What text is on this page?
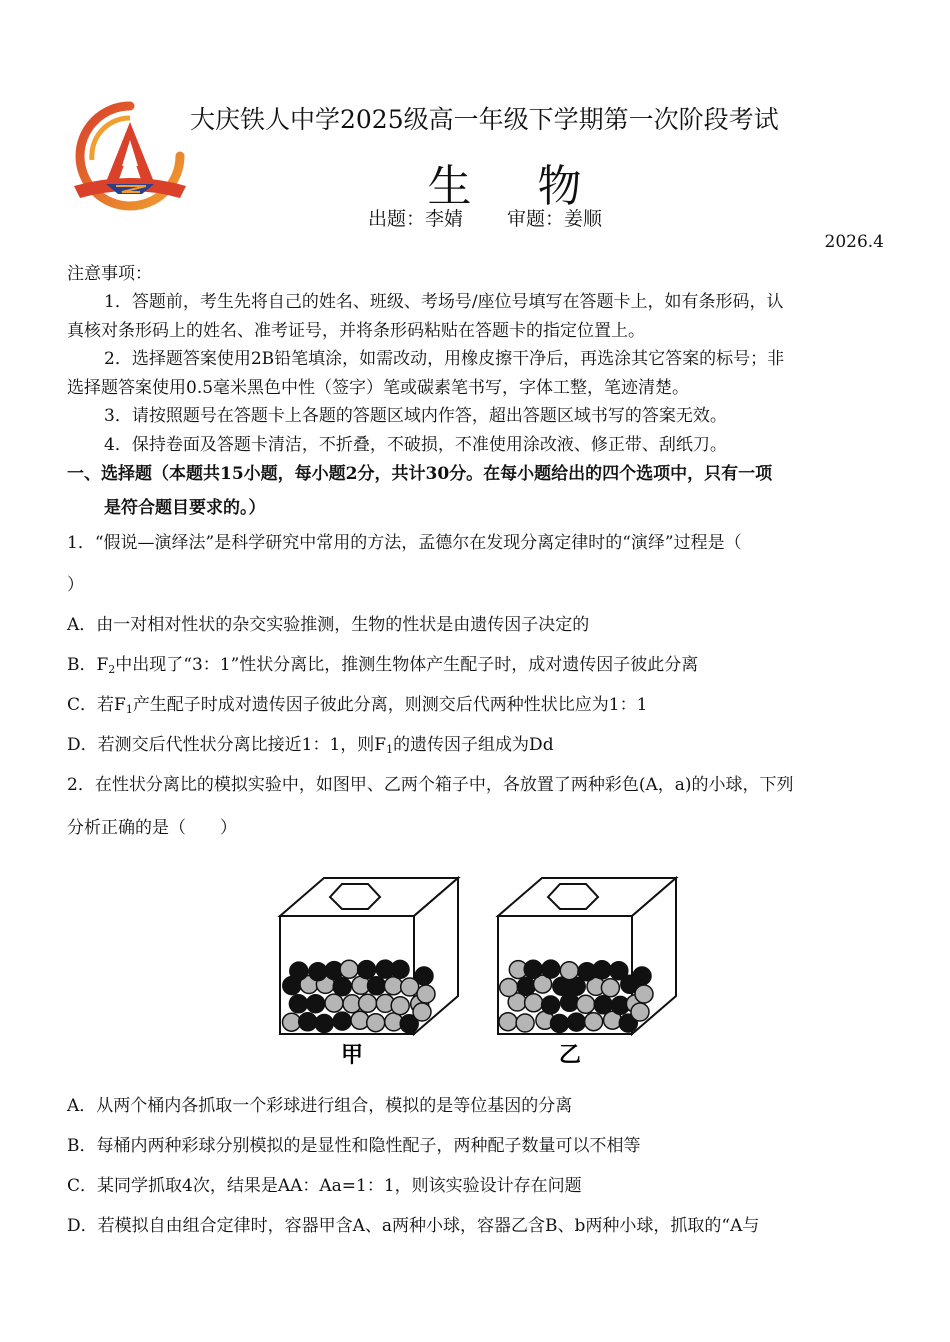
大庆铁人中学2025级高一年级下学期第一次阶段考试
生 物
出题：李婧 审题：姜顺
2026.4
注意事项：
1．答题前，考生先将自己的姓名、班级、考场号/座位号填写在答题卡上，如有条形码，认
真核对条形码上的姓名、准考证号，并将条形码粘贴在答题卡的指定位置上。
2．选择题答案使用2B铅笔填涂，如需改动，用橡皮擦干净后，再选涂其它答案的标号；非
选择题答案使用0.5毫米黑色中性（签字）笔或碳素笔书写，字体工整，笔迹清楚。
3．请按照题号在答题卡上各题的答题区域内作答，超出答题区域书写的答案无效。
4．保持卷面及答题卡清洁，不折叠，不破损，不准使用涂改液、修正带、刮纸刀。
一、选择题（本题共15小题，每小题2分，共计30分。在每小题给出的四个选项中，只有一项
是符合题目要求的。）
1．“假说—演绎法”是科学研究中常用的方法，孟德尔在发现分离定律时的“演绎”过程是（
）
A．由一对相对性状的杂交实验推测，生物的性状是由遗传因子决定的
B．$F_2$中出现了“3：1”性状分离比，推测生物体产生配子时，成对遗传因子彼此分离
C．若$F_1$产生配子时成对遗传因子彼此分离，则测交后代两种性状比应为1：1
D．若测交后代性状分离比接近1：1，则$F_1$的遗传因子组成为Dd
2．在性状分离比的模拟实验中，如图甲、乙两个箱子中，各放置了两种彩色(A，a)的小球，下列
分析正确的是（　　）
甲	乙
A．从两个桶内各抓取一个彩球进行组合，模拟的是等位基因的分离
B．每桶内两种彩球分别模拟的是显性和隐性配子，两种配子数量可以不相等
C．某同学抓取4次，结果是AA：Aa=1：1，则该实验设计存在问题
D．若模拟自由组合定律时，容器甲含A、a两种小球，容器乙含B、b两种小球，抓取的“A与
